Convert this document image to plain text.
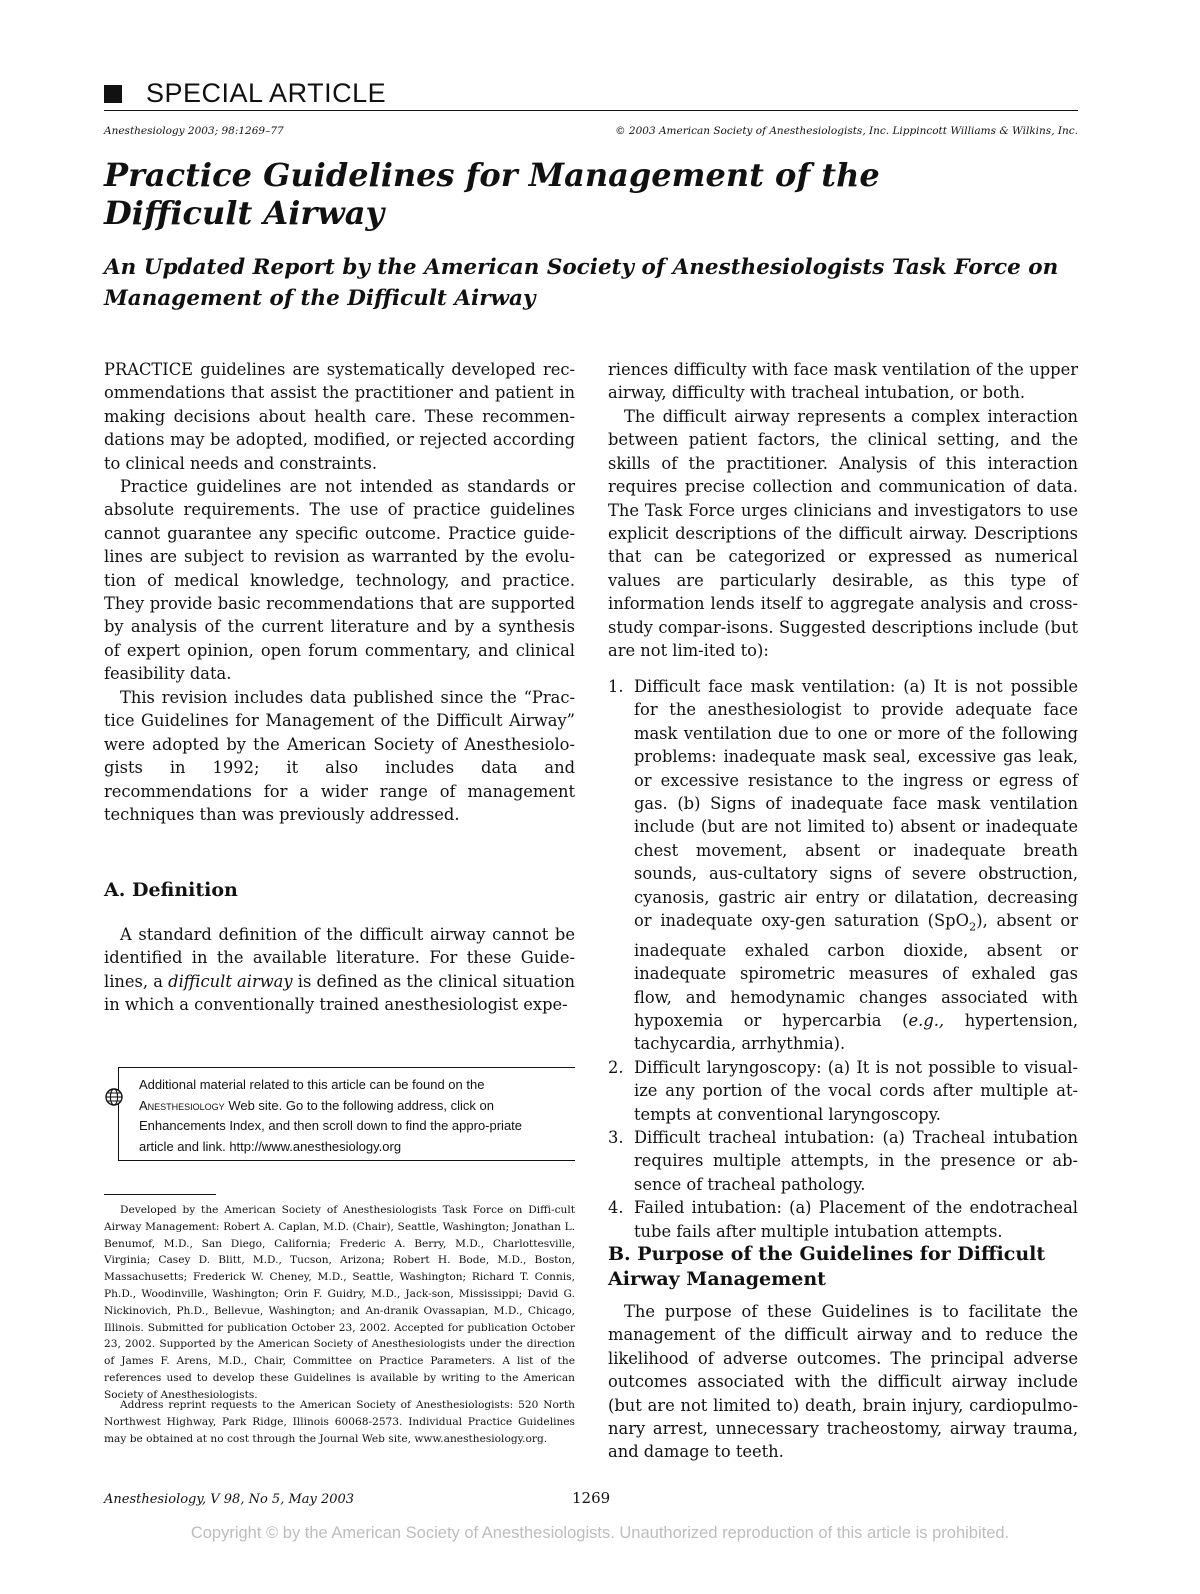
SPECIAL ARTICLE
Anesthesiology 2003; 98:1269–77	© 2003 American Society of Anesthesiologists, Inc. Lippincott Williams & Wilkins, Inc.
Practice Guidelines for Management of the Difficult Airway
An Updated Report by the American Society of Anesthesiologists Task Force on Management of the Difficult Airway

PRACTICE guidelines are systematically developed rec-ommendations that assist the practitioner and patient in making decisions about health care. These recommen-dations may be adopted, modified, or rejected according to clinical needs and constraints.

Practice guidelines are not intended as standards or absolute requirements. The use of practice guidelines cannot guarantee any specific outcome. Practice guide-lines are subject to revision as warranted by the evolu-tion of medical knowledge, technology, and practice. They provide basic recommendations that are supported by analysis of the current literature and by a synthesis of expert opinion, open forum commentary, and clinical feasibility data.

This revision includes data published since the “Prac-tice Guidelines for Management of the Difficult Airway” were adopted by the American Society of Anesthesiolo-gists in 1992; it also includes data and recommendations for a wider range of management techniques than was previously addressed.

A. Definition

A standard definition of the difficult airway cannot be identified in the available literature. For these Guide-lines, a difficult airway is defined as the clinical situation in which a conventionally trained anesthesiologist expe-

Additional material related to this article can be found on the Anesthesiology Web site. Go to the following address, click on Enhancements Index, and then scroll down to find the appro-priate article and link. http://www.anesthesiology.org

Developed by the American Society of Anesthesiologists Task Force on Diffi-cult Airway Management: Robert A. Caplan, M.D. (Chair), Seattle, Washington; Jonathan L. Benumof, M.D., San Diego, California; Frederic A. Berry, M.D., Charlottesville, Virginia; Casey D. Blitt, M.D., Tucson, Arizona; Robert H. Bode, M.D., Boston, Massachusetts; Frederick W. Cheney, M.D., Seattle, Washington; Richard T. Connis, Ph.D., Woodinville, Washington; Orin F. Guidry, M.D., Jack-son, Mississippi; David G. Nickinovich, Ph.D., Bellevue, Washington; and An-dranik Ovassapian, M.D., Chicago, Illinois. Submitted for publication October 23, 2002. Accepted for publication October 23, 2002. Supported by the American Society of Anesthesiologists under the direction of James F. Arens, M.D., Chair, Committee on Practice Parameters. A list of the references used to develop these Guidelines is available by writing to the American Society of Anesthesiologists.

Address reprint requests to the American Society of Anesthesiologists: 520 North Northwest Highway, Park Ridge, Illinois 60068-2573. Individual Practice Guidelines may be obtained at no cost through the Journal Web site, www.anesthesiology.org.

riences difficulty with face mask ventilation of the upper airway, difficulty with tracheal intubation, or both.

The difficult airway represents a complex interaction between patient factors, the clinical setting, and the skills of the practitioner. Analysis of this interaction requires precise collection and communication of data. The Task Force urges clinicians and investigators to use explicit descriptions of the difficult airway. Descriptions that can be categorized or expressed as numerical values are particularly desirable, as this type of information lends itself to aggregate analysis and cross-study compar-isons. Suggested descriptions include (but are not lim-ited to):

1. Difficult face mask ventilation: (a) It is not possible for the anesthesiologist to provide adequate face mask ventilation due to one or more of the following problems: inadequate mask seal, excessive gas leak, or excessive resistance to the ingress or egress of gas. (b) Signs of inadequate face mask ventilation include (but are not limited to) absent or inadequate chest movement, absent or inadequate breath sounds, aus-cultatory signs of severe obstruction, cyanosis, gastric air entry or dilatation, decreasing or inadequate oxy-gen saturation (SpO$_2$), absent or inadequate exhaled carbon dioxide, absent or inadequate spirometric measures of exhaled gas flow, and hemodynamic changes associated with hypoxemia or hypercarbia (e.g., hypertension, tachycardia, arrhythmia).
2. Difficult laryngoscopy: (a) It is not possible to visual-ize any portion of the vocal cords after multiple at-tempts at conventional laryngoscopy.
3. Difficult tracheal intubation: (a) Tracheal intubation requires multiple attempts, in the presence or ab-sence of tracheal pathology.
4. Failed intubation: (a) Placement of the endotracheal tube fails after multiple intubation attempts.
B. Purpose of the Guidelines for Difficult
Airway Management

The purpose of these Guidelines is to facilitate the management of the difficult airway and to reduce the likelihood of adverse outcomes. The principal adverse outcomes associated with the difficult airway include (but are not limited to) death, brain injury, cardiopulmo-nary arrest, unnecessary tracheostomy, airway trauma, and damage to teeth.

Anesthesiology, V 98, No 5, May 2003	1269
Copyright © by the American Society of Anesthesiologists. Unauthorized reproduction of this article is prohibited.
